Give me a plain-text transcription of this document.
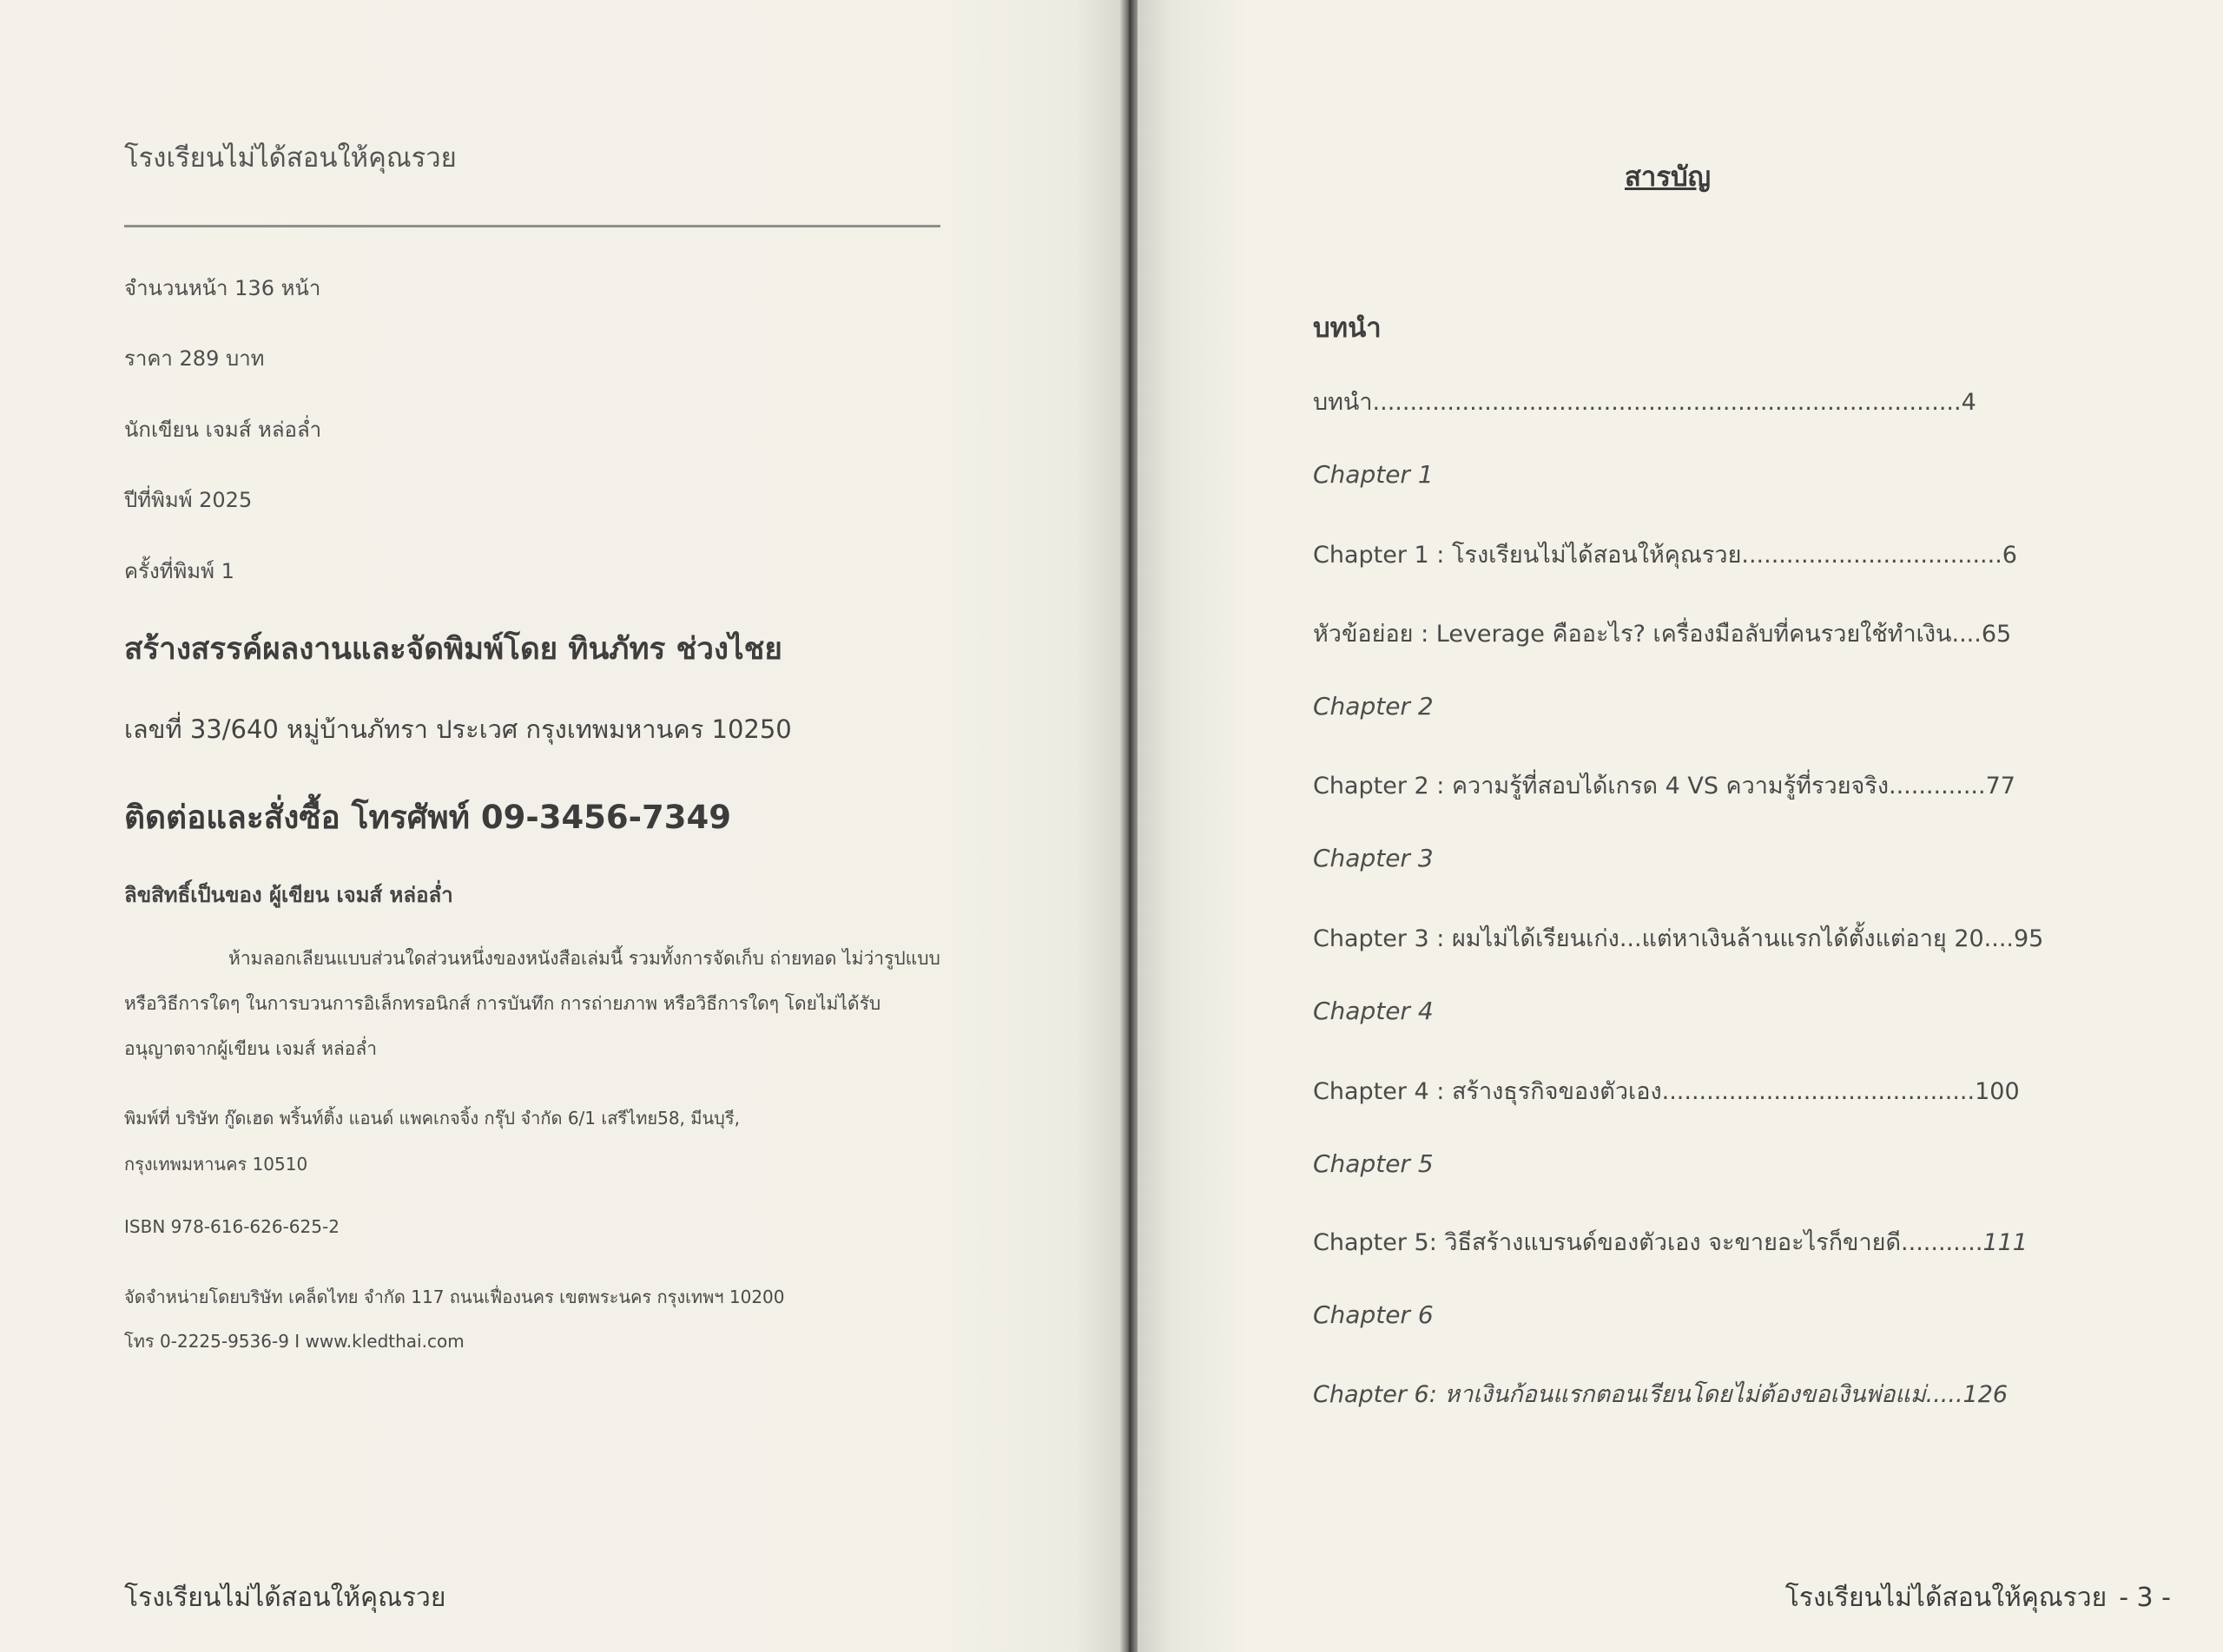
โรงเรียนไม่ได้สอนให้คุณรวย
จำนวนหน้า 136 หน้า
ราคา 289 บาท
นักเขียน เจมส์ หล่อล่ำ
ปีที่พิมพ์ 2025
ครั้งที่พิมพ์ 1
สร้างสรรค์ผลงานและจัดพิมพ์โดย ทินภัทร ช่วงไชย
เลขที่ 33/640 หมู่บ้านภัทรา ประเวศ กรุงเทพมหานคร 10250
ติดต่อและสั่งซื้อ โทรศัพท์ 09-3456-7349
ลิขสิทธิ์เป็นของ ผู้เขียน เจมส์ หล่อล่ำ
ห้ามลอกเลียนแบบส่วนใดส่วนหนึ่งของหนังสือเล่มนี้ รวมทั้งการจัดเก็บ ถ่ายทอด ไม่ว่ารูปแบบหรือวิธีการใดๆ ในการบวนการอิเล็กทรอนิกส์ การบันทึก การถ่ายภาพ หรือวิธีการใดๆ โดยไม่ได้รับอนุญาตจากผู้เขียน เจมส์ หล่อล่ำ
พิมพ์ที่ บริษัท กู๊ดเฮด พริ้นท์ติ้ง แอนด์ แพคเกจจิ้ง กรุ๊ป จำกัด 6/1 เสรีไทย58, มีนบุรี,
กรุงเทพมหานคร 10510
ISBN 978-616-626-625-2
จัดจำหน่ายโดยบริษัท เคล็ดไทย จำกัด 117 ถนนเฟื่องนคร เขตพระนคร กรุงเทพฯ 10200
โทร 0-2225-9536-9 I www.kledthai.com
โรงเรียนไม่ได้สอนให้คุณรวย
สารบัญ
บทนำ
บทนำ...............................................................................4
Chapter 1
Chapter 1 : โรงเรียนไม่ได้สอนให้คุณรวย...................................6
หัวข้อย่อย : Leverage คืออะไร? เครื่องมือลับที่คนรวยใช้ทำเงิน....65
Chapter 2
Chapter 2 : ความรู้ที่สอบได้เกรด 4 VS ความรู้ที่รวยจริง.............77
Chapter 3
Chapter 3 : ผมไม่ได้เรียนเก่ง...แต่หาเงินล้านแรกได้ตั้งแต่อายุ 20....95
Chapter 4
Chapter 4 : สร้างธุรกิจของตัวเอง..........................................100
Chapter 5
Chapter 5: วิธีสร้างแบรนด์ของตัวเอง จะขายอะไรก็ขายดี...........111
Chapter 6
Chapter 6: หาเงินก้อนแรกตอนเรียนโดยไม่ต้องขอเงินพ่อแม่.....126
โรงเรียนไม่ได้สอนให้คุณรวย - 3 -
